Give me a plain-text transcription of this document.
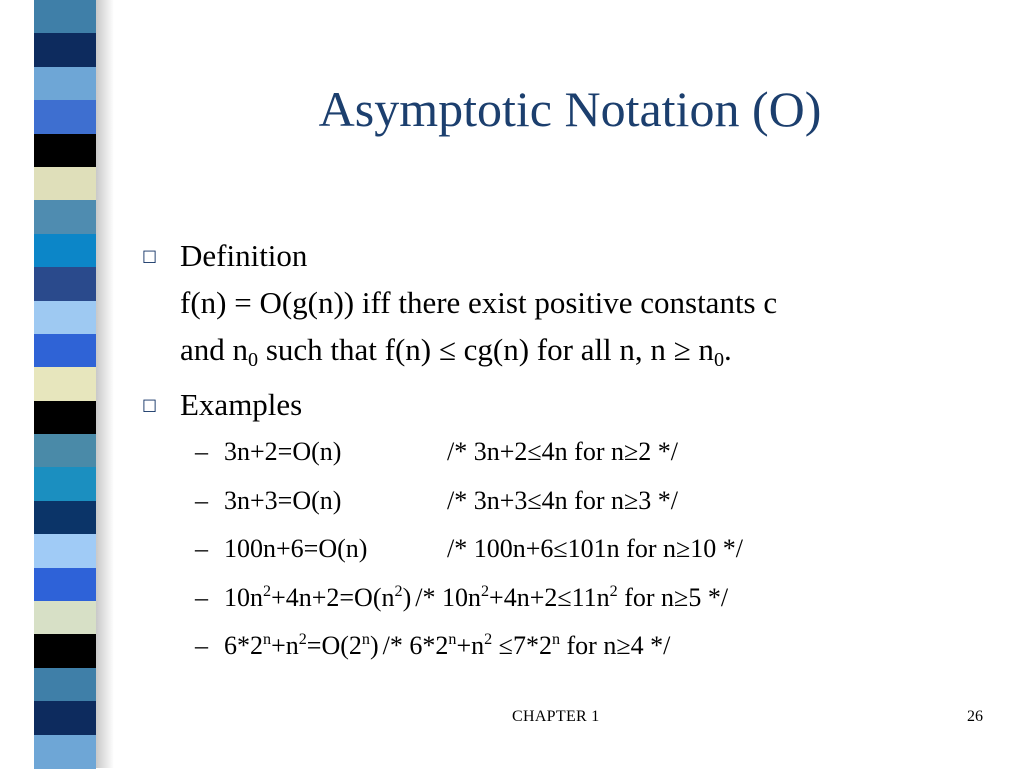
Asymptotic Notation (O)
□ Definition
f(n) = O(g(n)) iff there exist positive constants c
and $n_0$ such that f(n) ≤ cg(n) for all n, $n \ge n_0$.
□ Examples
– 3n+2=O(n)	/* 3n+2≤4n for n≥2 */
– 3n+3=O(n)	/* 3n+3≤4n for n≥3 */
– 100n+6=O(n)	/* 100n+6≤101n for n≥10 */
– $10n^2+4n+2=O(n^2) /* 10n^2+4n+2\le 11n^2$ for n≥5 */
– $6*2^n+n^2=O(2^n) /* 6*2^n+n^2 \le 7*2^n$ for n≥4 */
CHAPTER 1	26
